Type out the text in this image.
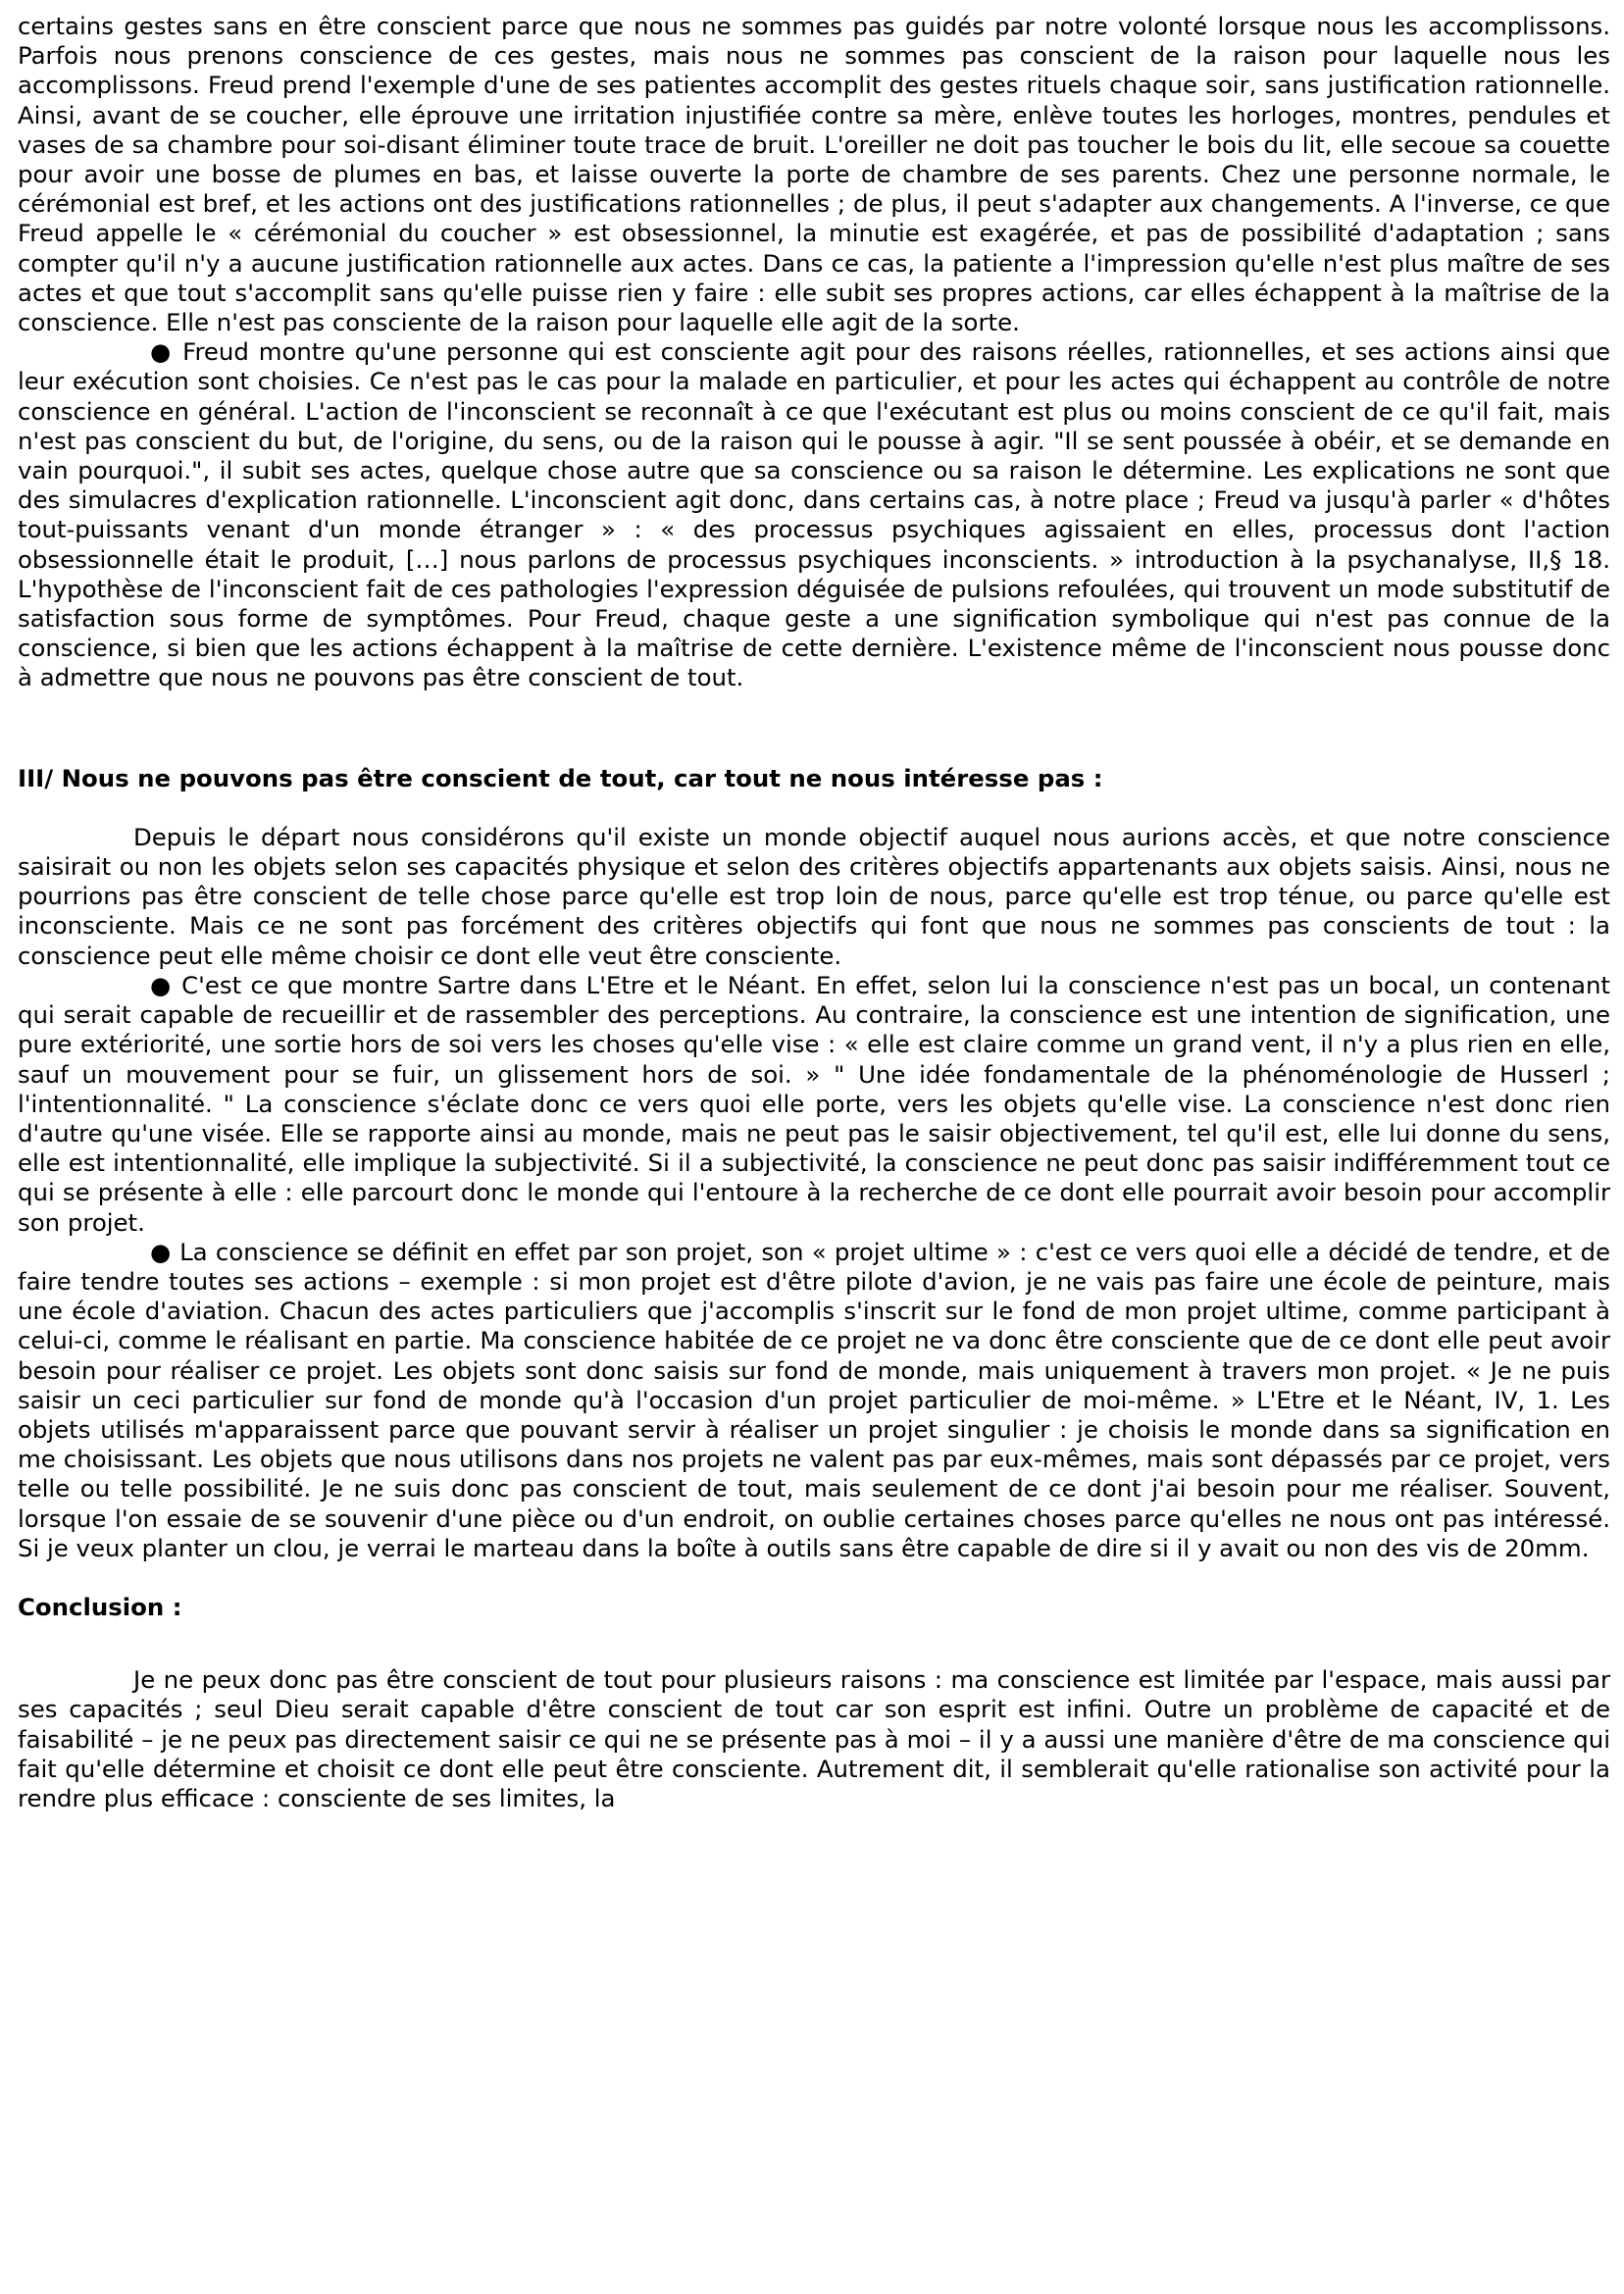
certains gestes sans en être conscient parce que nous ne sommes pas guidés par notre volonté lorsque nous les accomplissons. Parfois nous prenons conscience de ces gestes, mais nous ne sommes pas conscient de la raison pour laquelle nous les accomplissons. Freud prend l'exemple d'une de ses patientes accomplit des gestes rituels chaque soir, sans justification rationnelle. Ainsi, avant de se coucher, elle éprouve une irritation injustifiée contre sa mère, enlève toutes les horloges, montres, pendules et vases de sa chambre pour soi-disant éliminer toute trace de bruit. L'oreiller ne doit pas toucher le bois du lit, elle secoue sa couette pour avoir une bosse de plumes en bas, et laisse ouverte la porte de chambre de ses parents. Chez une personne normale, le cérémonial est bref, et les actions ont des justifications rationnelles ; de plus, il peut s'adapter aux changements. A l'inverse, ce que Freud appelle le « cérémonial du coucher » est obsessionnel, la minutie est exagérée, et pas de possibilité d'adaptation ; sans compter qu'il n'y a aucune justification rationnelle aux actes. Dans ce cas, la patiente a l'impression qu'elle n'est plus maître de ses actes et que tout s'accomplit sans qu'elle puisse rien y faire : elle subit ses propres actions, car elles échappent à la maîtrise de la conscience. Elle n'est pas consciente de la raison pour laquelle elle agit de la sorte.

● Freud montre qu'une personne qui est consciente agit pour des raisons réelles, rationnelles, et ses actions ainsi que leur exécution sont choisies. Ce n'est pas le cas pour la malade en particulier, et pour les actes qui échappent au contrôle de notre conscience en général. L'action de l'inconscient se reconnaît à ce que l'exécutant est plus ou moins conscient de ce qu'il fait, mais n'est pas conscient du but, de l'origine, du sens, ou de la raison qui le pousse à agir. "Il se sent poussée à obéir, et se demande en vain pourquoi.", il subit ses actes, quelque chose autre que sa conscience ou sa raison le détermine. Les explications ne sont que des simulacres d'explication rationnelle. L'inconscient agit donc, dans certains cas, à notre place ; Freud va jusqu'à parler « d'hôtes tout-puissants venant d'un monde étranger » : « des processus psychiques agissaient en elles, processus dont l'action obsessionnelle était le produit, […] nous parlons de processus psychiques inconscients. » introduction à la psychanalyse, II,§ 18. L'hypothèse de l'inconscient fait de ces pathologies l'expression déguisée de pulsions refoulées, qui trouvent un mode substitutif de satisfaction sous forme de symptômes. Pour Freud, chaque geste a une signification symbolique qui n'est pas connue de la conscience, si bien que les actions échappent à la maîtrise de cette dernière. L'existence même de l'inconscient nous pousse donc à admettre que nous ne pouvons pas être conscient de tout.

III/ Nous ne pouvons pas être conscient de tout, car tout ne nous intéresse pas :

Depuis le départ nous considérons qu'il existe un monde objectif auquel nous aurions accès, et que notre conscience saisirait ou non les objets selon ses capacités physique et selon des critères objectifs appartenants aux objets saisis. Ainsi, nous ne pourrions pas être conscient de telle chose parce qu'elle est trop loin de nous, parce qu'elle est trop ténue, ou parce qu'elle est inconsciente. Mais ce ne sont pas forcément des critères objectifs qui font que nous ne sommes pas conscients de tout : la conscience peut elle même choisir ce dont elle veut être consciente.

● C'est ce que montre Sartre dans L'Etre et le Néant. En effet, selon lui la conscience n'est pas un bocal, un contenant qui serait capable de recueillir et de rassembler des perceptions. Au contraire, la conscience est une intention de signification, une pure extériorité, une sortie hors de soi vers les choses qu'elle vise : « elle est claire comme un grand vent, il n'y a plus rien en elle, sauf un mouvement pour se fuir, un glissement hors de soi. » " Une idée fondamentale de la phénoménologie de Husserl ; l'intentionnalité. " La conscience s'éclate donc ce vers quoi elle porte, vers les objets qu'elle vise. La conscience n'est donc rien d'autre qu'une visée. Elle se rapporte ainsi au monde, mais ne peut pas le saisir objectivement, tel qu'il est, elle lui donne du sens, elle est intentionnalité, elle implique la subjectivité. Si il a subjectivité, la conscience ne peut donc pas saisir indifféremment tout ce qui se présente à elle : elle parcourt donc le monde qui l'entoure à la recherche de ce dont elle pourrait avoir besoin pour accomplir son projet.

● La conscience se définit en effet par son projet, son « projet ultime » : c'est ce vers quoi elle a décidé de tendre, et de faire tendre toutes ses actions – exemple : si mon projet est d'être pilote d'avion, je ne vais pas faire une école de peinture, mais une école d'aviation. Chacun des actes particuliers que j'accomplis s'inscrit sur le fond de mon projet ultime, comme participant à celui-ci, comme le réalisant en partie. Ma conscience habitée de ce projet ne va donc être consciente que de ce dont elle peut avoir besoin pour réaliser ce projet. Les objets sont donc saisis sur fond de monde, mais uniquement à travers mon projet. « Je ne puis saisir un ceci particulier sur fond de monde qu'à l'occasion d'un projet particulier de moi-même. » L'Etre et le Néant, IV, 1. Les objets utilisés m'apparaissent parce que pouvant servir à réaliser un projet singulier : je choisis le monde dans sa signification en me choisissant. Les objets que nous utilisons dans nos projets ne valent pas par eux-mêmes, mais sont dépassés par ce projet, vers telle ou telle possibilité. Je ne suis donc pas conscient de tout, mais seulement de ce dont j'ai besoin pour me réaliser. Souvent, lorsque l'on essaie de se souvenir d'une pièce ou d'un endroit, on oublie certaines choses parce qu'elles ne nous ont pas intéressé. Si je veux planter un clou, je verrai le marteau dans la boîte à outils sans être capable de dire si il y avait ou non des vis de 20mm.

Conclusion :

Je ne peux donc pas être conscient de tout pour plusieurs raisons : ma conscience est limitée par l'espace, mais aussi par ses capacités ; seul Dieu serait capable d'être conscient de tout car son esprit est infini. Outre un problème de capacité et de faisabilité – je ne peux pas directement saisir ce qui ne se présente pas à moi – il y a aussi une manière d'être de ma conscience qui fait qu'elle détermine et choisit ce dont elle peut être consciente. Autrement dit, il semblerait qu'elle rationalise son activité pour la rendre plus efficace : consciente de ses limites, la
